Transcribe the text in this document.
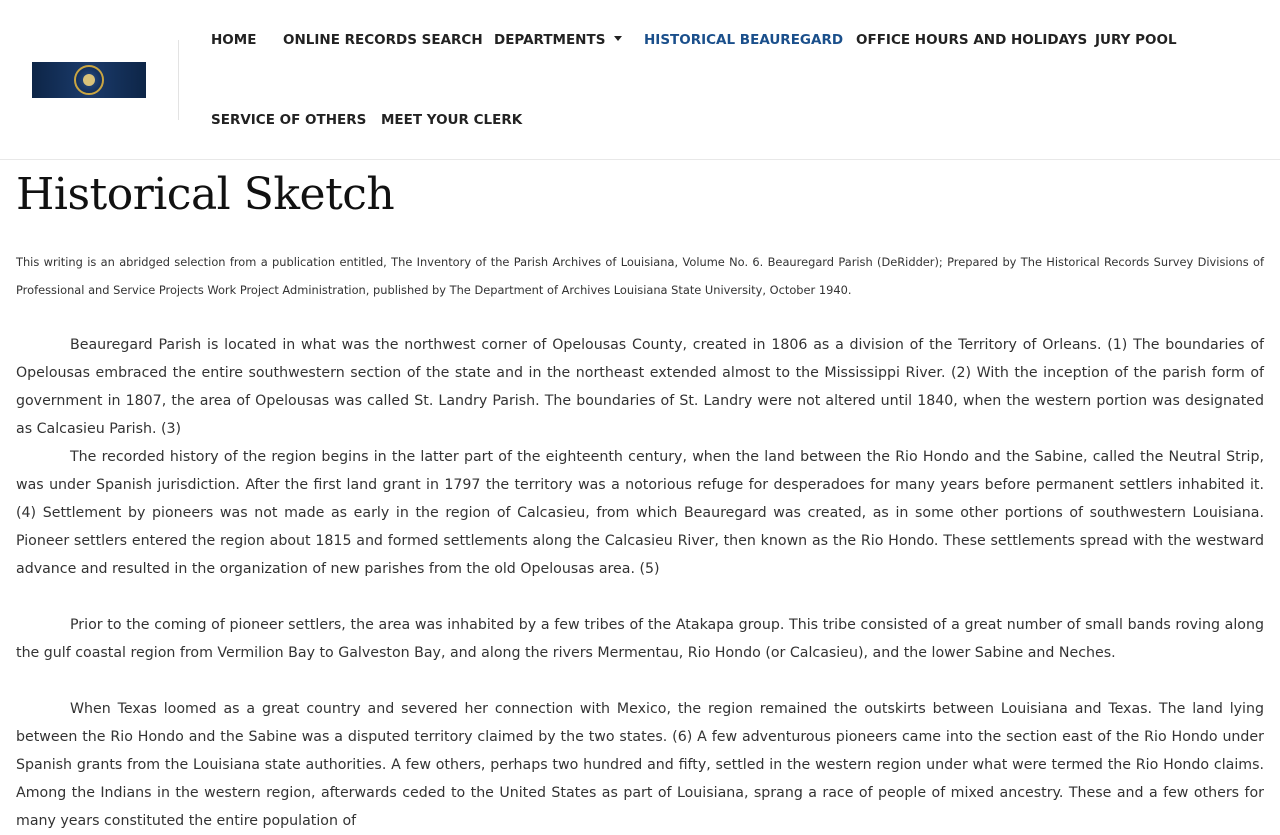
HOME ONLINE RECORDS SEARCH DEPARTMENTS	HISTORICAL BEAUREGARD OFFICE HOURS AND HOLIDAYS JURY POOL
SERVICE OF OTHERS MEET YOUR CLERK
Historical Sketch

This writing is an abridged selection from a publication entitled, The Inventory of the Parish Archives of Louisiana, Volume No. 6. Beauregard Parish (DeRidder); Prepared by The Historical Records Survey Divisions of Professional and Service Projects Work Project Administration, published by The Department of Archives Louisiana State University, October 1940.

Beauregard Parish is located in what was the northwest corner of Opelousas County, created in 1806 as a division of the Territory of Orleans. (1) The boundaries of Opelousas embraced the entire southwestern section of the state and in the northeast extended almost to the Mississippi River. (2) With the inception of the parish form of government in 1807, the area of Opelousas was called St. Landry Parish. The boundaries of St. Landry were not altered until 1840, when the western portion was designated as Calcasieu Parish. (3)

The recorded history of the region begins in the latter part of the eighteenth century, when the land between the Rio Hondo and the Sabine, called the Neutral Strip, was under Spanish jurisdiction. After the first land grant in 1797 the territory was a notorious refuge for desperadoes for many years before permanent settlers inhabited it. (4) Settlement by pioneers was not made as early in the region of Calcasieu, from which Beauregard was created, as in some other portions of southwestern Louisiana. Pioneer settlers entered the region about 1815 and formed settlements along the Calcasieu River, then known as the Rio Hondo. These settlements spread with the westward advance and resulted in the organization of new parishes from the old Opelousas area. (5)

Prior to the coming of pioneer settlers, the area was inhabited by a few tribes of the Atakapa group. This tribe consisted of a great number of small bands roving along the gulf coastal region from Vermilion Bay to Galveston Bay, and along the rivers Mermentau, Rio Hondo (or Calcasieu), and the lower Sabine and Neches.

When Texas loomed as a great country and severed her connection with Mexico, the region remained the outskirts between Louisiana and Texas. The land lying between the Rio Hondo and the Sabine was a disputed territory claimed by the two states. (6) A few adventurous pioneers came into the section east of the Rio Hondo under Spanish grants from the Louisiana state authorities. A few others, perhaps two hundred and fifty, settled in the western region under what were termed the Rio Hondo claims. Among the Indians in the western region, afterwards ceded to the United States as part of Louisiana, sprang a race of people of mixed ancestry. These and a few others for many years constituted the entire population of
